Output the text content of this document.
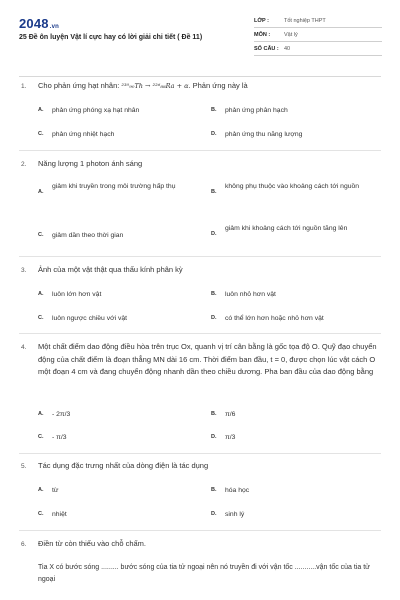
2048.vn
25 Đề ôn luyện Vật lí cực hay có lời giải chi tiết ( Đề 11)
LỚP :	Tốt nghiệp THPT
MÔN :	Vật lý
SỐ CÂU : 40
1. Cho phản ứng hạt nhân: ²³⁰₉₀Th → ²²⁶₈₈Ra + α. Phản ứng này là
A. phản ứng phóng xạ hạt nhân	B. phản ứng phân hạch
C. phản ứng nhiệt hạch	D. phản ứng thu năng lượng
2. Năng lượng 1 photon ánh sáng
A.
giảm khi truyền trong môi trường hấp thụ
B.
không phụ thuộc vào khoảng cách tới nguồn
C. giảm dần theo thời gian	D.
giảm khi khoảng cách tới nguồn tăng lên
3. Ảnh của một vật thật qua thấu kính phân kỳ
A. luôn lớn hơn vật	B. luôn nhỏ hơn vật
C. luôn ngược chiều với vật	D. có thể lớn hơn hoặc nhỏ hơn vật
4. Một chất điểm dao động điều hòa trên trục Ox, quanh vị trí cân bằng là gốc tọa độ O. Quỹ đạo chuyển động của chất điểm là đoạn thẳng MN dài 16 cm. Thời điểm ban đầu, t = 0, được chọn lúc vật cách O một đoạn 4 cm và đang chuyển động nhanh dần theo chiều dương. Pha ban đầu của dao động bằng
A. - 2π/3	B. π/6
C. - π/3	D. π/3
5. Tác dụng đặc trưng nhất của dòng điện là tác dụng
A. từ	B. hóa học
C. nhiệt	D. sinh lý
6. Điền từ còn thiếu vào chỗ chấm.
Tia X có bước sóng ......... bước sóng của tia tử ngoại nên nó truyền đi với vận tốc ...........vận tốc của tia tử ngoại
